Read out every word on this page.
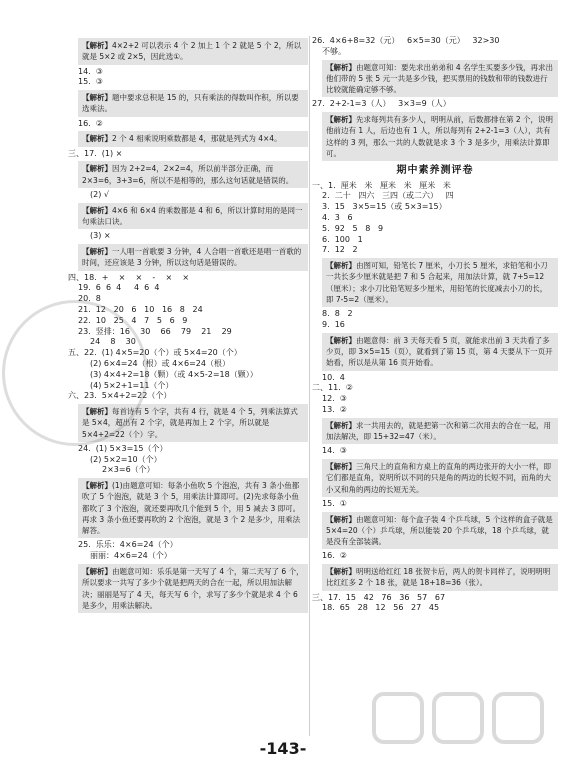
【解析】4×2+2 可以表示 4 个 2 加上 1 个 2 就是 5 个 2，所以就是 5×2 或 2×5，因此选①。
14.  ③
15.  ③
【解析】题中要求总积是 15 的，只有乘法的得数叫作积，所以要选乘法。
16.  ②
【解析】2 个 4 相乘说明乘数都是 4，那就是列式为 4×4。
三、17.  (1) ×
【解析】因为 2+2=4，2×2=4，所以前半部分正确，而 2×3=6，3+3=6，所以不是相等的，那么这句话就是错误的。
(2) √
【解析】4×6 和 6×4 的乘数都是 4 和 6，所以计算时用的是同一句乘法口诀。
(3) ×
【解析】一人唱一首歌要 3 分钟，4 人合唱一首歌还是唱一首歌的时间，还应该是 3 分钟，所以这句话是错误的。
四、18.  +    ×    ×    -    ×    ×
19.  6  6  4     4  6  4
20.  8
21.  12   20   6   10   16   8   24
22.  10   25   4   7   5   6   9
23.  竖排：16    30    66    79    21    29
24    8    30
五、22.  (1) 4×5=20（个）或 5×4=20（个）
(2) 6×4=24（根）或 4×6=24（根）
(3) 4×4+2=18（颗）（或 4×5-2=18（颗））
(4) 5×2+1=11（个）
六、23.  5×4+2=22（个）
【解析】每首诗有 5 个字，共有 4 行，就是 4 个 5，列乘法算式是 5×4，超出有 2 个字，就是再加上 2 个字，所以就是 5×4+2=22（个）字。
24.  (1) 5×3=15（个）
(2) 5×2=10（个）
2×3=6（个）
【解析】(1)由题意可知：每条小鱼吹 5 个泡泡，共有 3 条小鱼都吹了 5 个泡泡，就是 3 个 5，用乘法计算即可。(2)先求每条小鱼都吹了 3 个泡泡，就还要再吹几个能到 5 个，用 5 减去 3 即可。再求 3 条小鱼还要再吹的 2 个泡泡，就是 3 个 2 是多少，用乘法解答。
25.  乐乐：4×6=24（个）
丽丽：4×6=24（个）
【解析】由题意可知：乐乐是第一天写了 4 个，第二天写了 6 个，所以要求一共写了多少个就是把两天的合在一起，所以用加法解决；丽丽是写了 4 天，每天写 6 个，求写了多少个就是求 4 个 6 是多少，用乘法解决。
26.  4×6+8=32（元）   6×5=30（元）   32>30
不够。
【解析】由题意可知：要先求出弟弟和 4 名学生买要多少钱，再求出他们带的 5 张 5 元一共是多少钱，把买票用的钱数和带的钱数进行比较就能确定够不够。
27.  2+2-1=3（人）   3×3=9（人）
【解析】先求每列共有多少人，明明从前，后数都排在第 2 个，说明他前边有 1 人，后边也有 1 人，所以每列有 2+2-1=3（人），共有这样的 3 列，那么一共的人数就是求 3 个 3 是多少，用乘法计算即可。
期中素养测评卷
一、1.  厘米   米   厘米   米   厘米   米
2.  二十   四六   三四（或二六）   四
3.  15   3×5=15（或 5×3=15）
4.  3   6
5.  92   5   8   9
6.  100   1
7.  12   2
【解析】由图可知，铅笔长 7 厘米，小刀长 5 厘米，求铅笔和小刀一共长多少厘米就是把 7 和 5 合起来，用加法计算，就 7+5=12（厘米）；求小刀比铅笔短多少厘米，用铅笔的长度减去小刀的长，即 7-5=2（厘米）。
8.  8   2
9.  16
【解析】由题意得：前 3 天每天看 5 页，就能求出前 3 天共看了多少页，即 3×5=15（页），就看到了第 15 页，第 4 天要从下一页开始看，所以是从第 16 页开始看。
10.  4
二、11.  ②
12.  ③
13.  ②
【解析】求一共用去的，就是把第一次和第二次用去的合在一起，用加法解决，即 15+32=47（米）。
14.  ③
【解析】三角尺上的直角和方桌上的直角的两边张开的大小一样，即它们都是直角，说明所以不同的只是角的两边的长短不同，而角的大小又和角的两边的长短无关。
15.  ①
【解析】由题意可知：每个盒子装 4 个乒乓球，5 个这样的盒子就是 5×4=20（个）乒乓球，所以能装 20 个乒乓球，18 个乒乓球，就是没有全部装满。
16.  ②
【解析】明明送给红红 18 张贺卡后，两人的贺卡同样了，说明明明比红红多 2 个 18 张，就是 18+18=36（张）。
三、17.  15   42   76   36   57   67
18.  65   28   12   56   27   45
-143-
